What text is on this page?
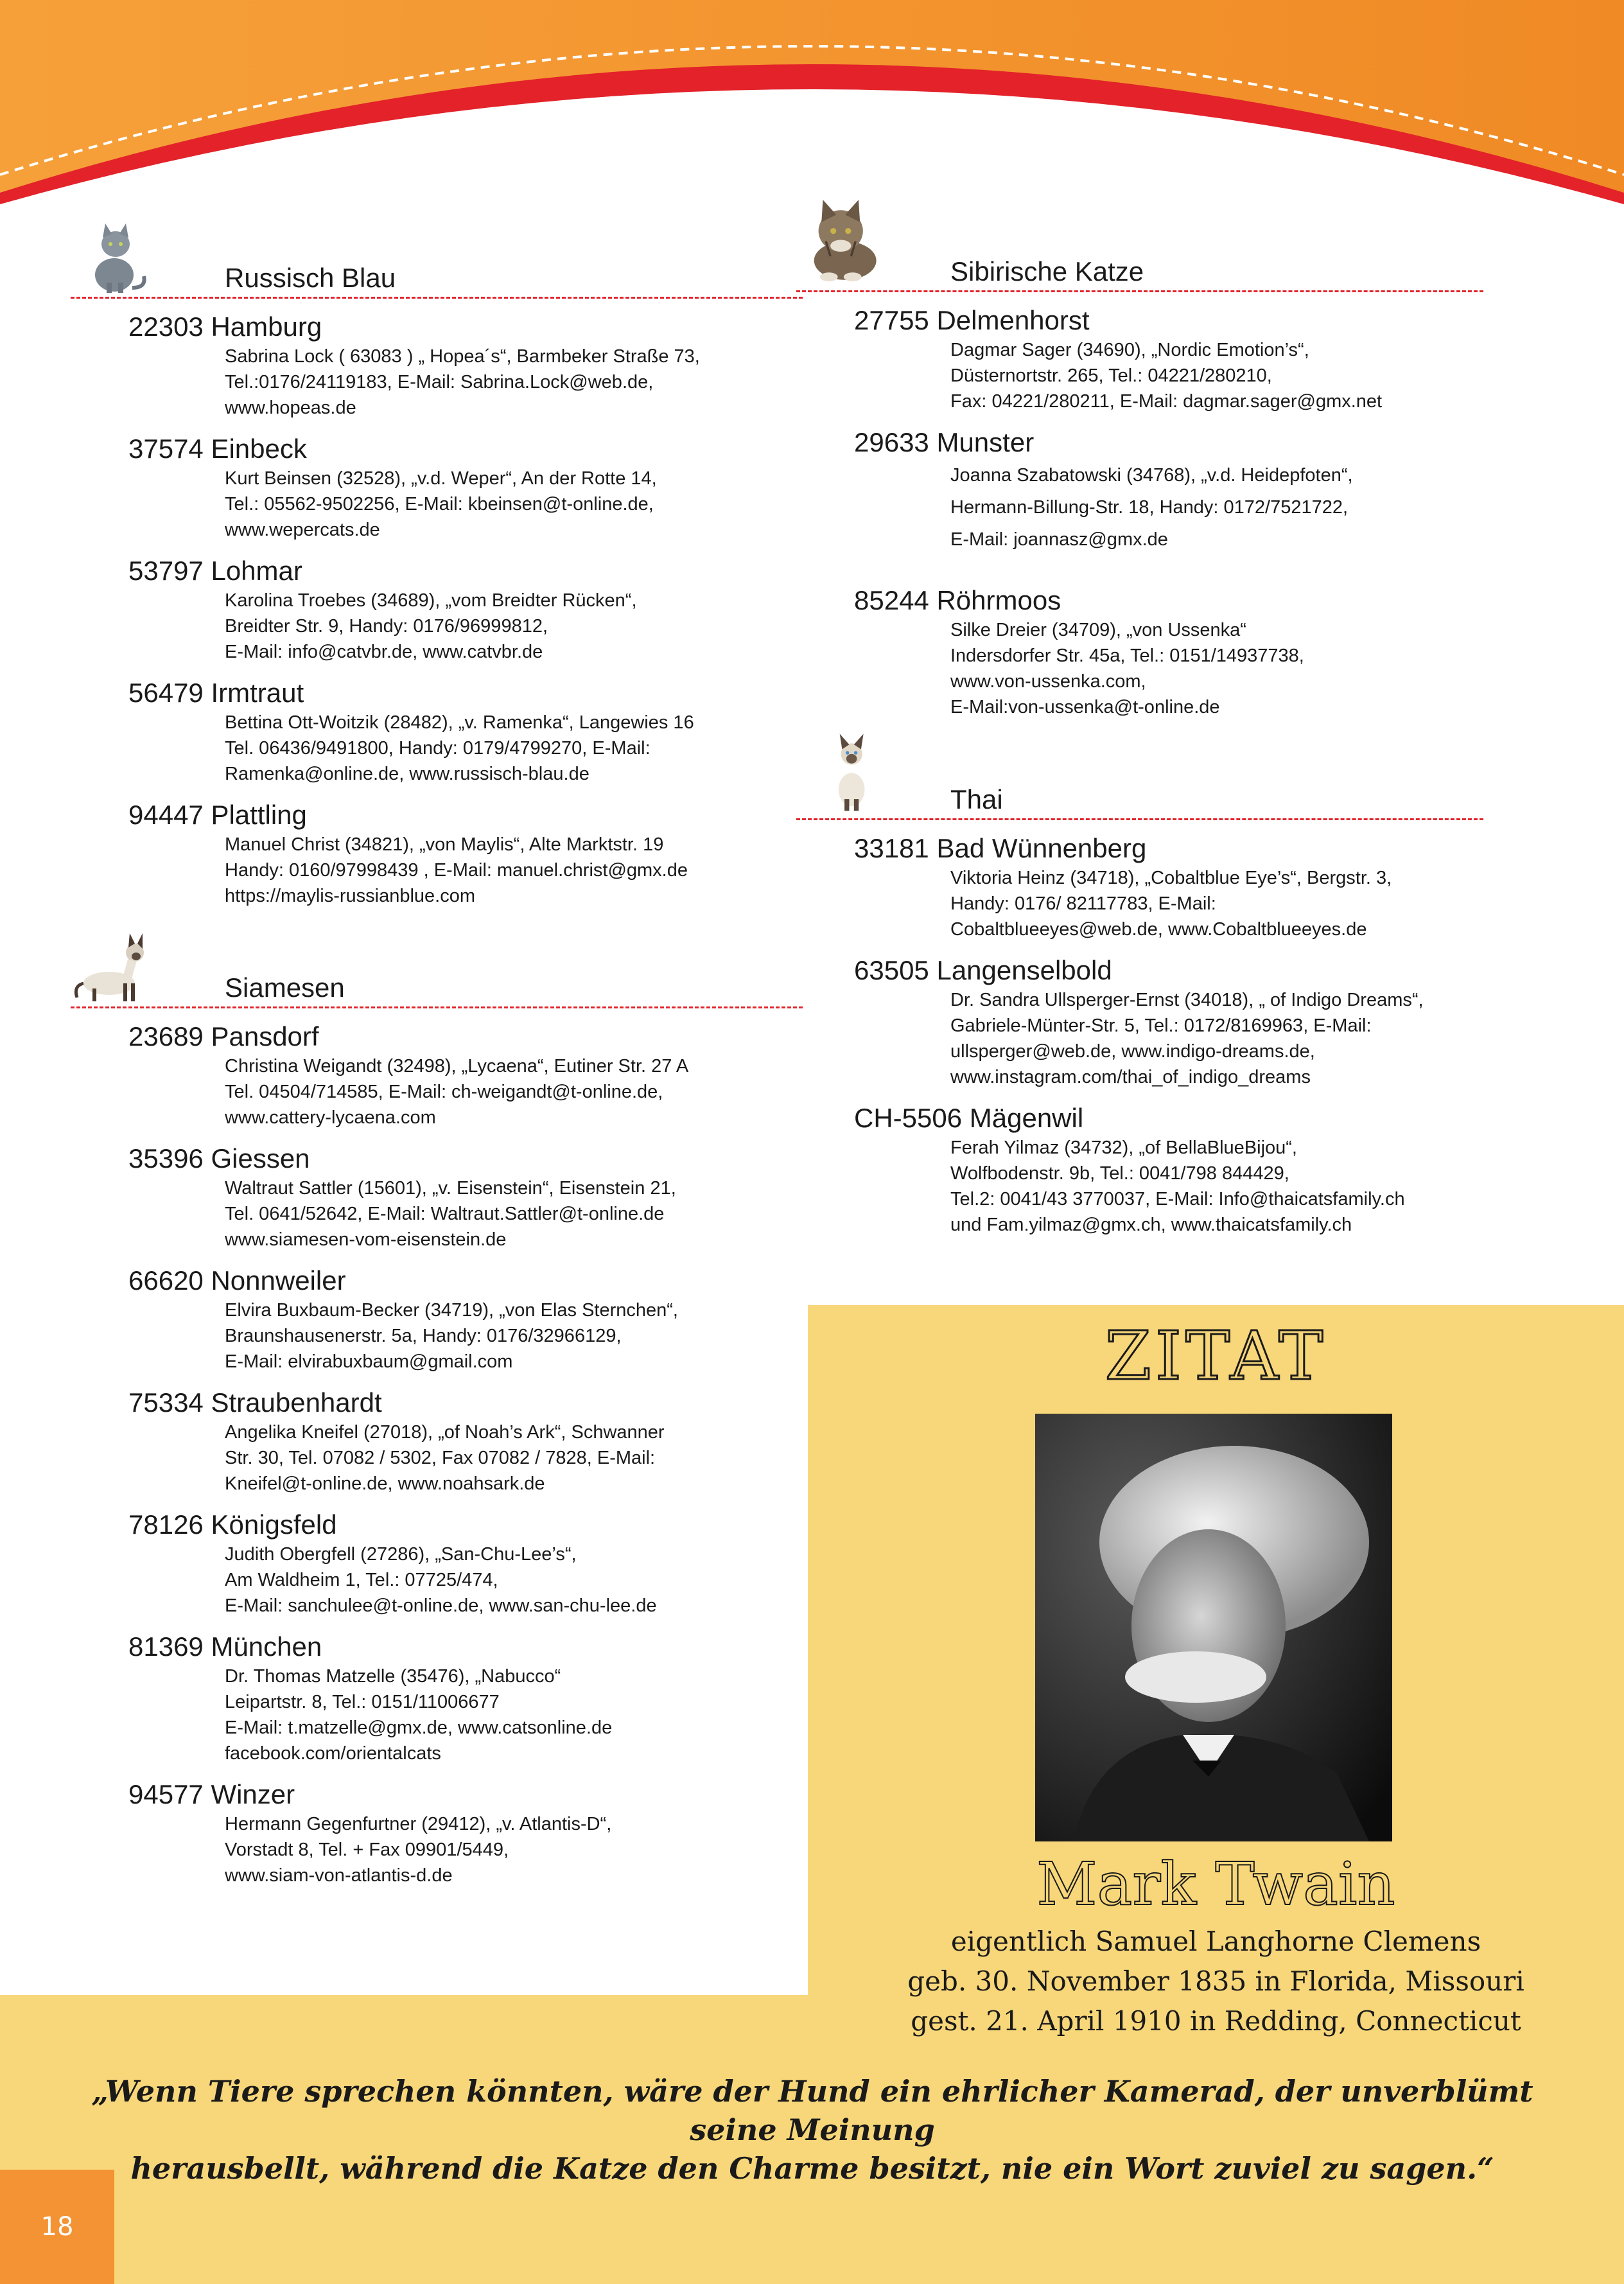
Russisch Blau
22303 Hamburg
Sabrina Lock ( 63083 ) „ Hopea´s“, Barmbeker Straße 73,
Tel.:0176/24119183, E-Mail: Sabrina.Lock@web.de,
www.hopeas.de
37574 Einbeck
Kurt Beinsen (32528), „v.d. Weper“, An der Rotte 14,
Tel.: 05562-9502256, E-Mail: kbeinsen@t-online.de,
www.wepercats.de
53797 Lohmar
Karolina Troebes (34689), „vom Breidter Rücken“,
Breidter Str. 9, Handy: 0176/96999812,
E-Mail: info@catvbr.de, www.catvbr.de
56479 Irmtraut
Bettina Ott-Woitzik (28482), „v. Ramenka“, Langewies 16
Tel. 06436/9491800, Handy: 0179/4799270, E-Mail:
Ramenka@online.de, www.russisch-blau.de
94447 Plattling
Manuel Christ (34821), „von Maylis“, Alte Marktstr. 19
Handy: 0160/97998439 , E-Mail: manuel.christ@gmx.de
https://maylis-russianblue.com
Siamesen
23689 Pansdorf
Christina Weigandt (32498), „Lycaena“, Eutiner Str. 27 A
Tel. 04504/714585, E-Mail: ch-weigandt@t-online.de,
www.cattery-lycaena.com
35396 Giessen
Waltraut Sattler (15601), „v. Eisenstein“, Eisenstein 21,
Tel. 0641/52642, E-Mail: Waltraut.Sattler@t-online.de
www.siamesen-vom-eisenstein.de
66620 Nonnweiler
Elvira Buxbaum-Becker (34719), „von Elas Sternchen“,
Braunshausenerstr. 5a, Handy: 0176/32966129,
E-Mail: elvirabuxbaum@gmail.com
75334 Straubenhardt
Angelika Kneifel (27018), „of Noah’s Ark“, Schwanner
Str. 30, Tel. 07082 / 5302, Fax 07082 / 7828, E-Mail:
Kneifel@t-online.de, www.noahsark.de
78126 Königsfeld
Judith Obergfell (27286), „San-Chu-Lee’s“,
Am Waldheim 1, Tel.: 07725/474,
E-Mail: sanchulee@t-online.de, www.san-chu-lee.de
81369 München
Dr. Thomas Matzelle (35476), „Nabucco“
Leipartstr. 8, Tel.: 0151/11006677
E-Mail: t.matzelle@gmx.de, www.catsonline.de
facebook.com/orientalcats
94577 Winzer
Hermann Gegenfurtner (29412), „v. Atlantis-D“,
Vorstadt 8, Tel. + Fax 09901/5449,
www.siam-von-atlantis-d.de
Sibirische Katze
27755 Delmenhorst
Dagmar Sager (34690), „Nordic Emotion’s“,
Düsternortstr. 265, Tel.: 04221/280210,
Fax: 04221/280211, E-Mail: dagmar.sager@gmx.net
29633 Munster
Joanna Szabatowski (34768), „v.d. Heidepfoten“,
Hermann-Billung-Str. 18, Handy: 0172/7521722,
E-Mail: joannasz@gmx.de
85244 Röhrmoos
Silke Dreier (34709), „von Ussenka“
Indersdorfer Str. 45a, Tel.: 0151/14937738,
www.von-ussenka.com,
E-Mail:von-ussenka@t-online.de
Thai
33181 Bad Wünnenberg
Viktoria Heinz (34718), „Cobaltblue Eye’s“, Bergstr. 3,
Handy: 0176/ 82117783, E-Mail:
Cobaltblueeyes@web.de, www.Cobaltblueeyes.de
63505 Langenselbold
Dr. Sandra Ullsperger-Ernst (34018), „ of Indigo Dreams“,
Gabriele-Münter-Str. 5, Tel.: 0172/8169963, E-Mail:
ullsperger@web.de, www.indigo-dreams.de,
www.instagram.com/thai_of_indigo_dreams
CH-5506 Mägenwil
Ferah Yilmaz (34732), „of BellaBlueBijou“,
Wolfbodenstr. 9b, Tel.: 0041/798 844429,
Tel.2: 0041/43 3770037, E-Mail: Info@thaicatsfamily.ch
und Fam.yilmaz@gmx.ch, www.thaicatsfamily.ch
ZITAT
Mark Twain
eigentlich Samuel Langhorne Clemens
geb. 30. November 1835 in Florida, Missouri
gest. 21. April 1910 in Redding, Connecticut
„Wenn Tiere sprechen könnten, wäre der Hund ein ehrlicher Kamerad, der unverblümt seine Meinung
herausbellt, während die Katze den Charme besitzt, nie ein Wort zuviel zu sagen.“
18
